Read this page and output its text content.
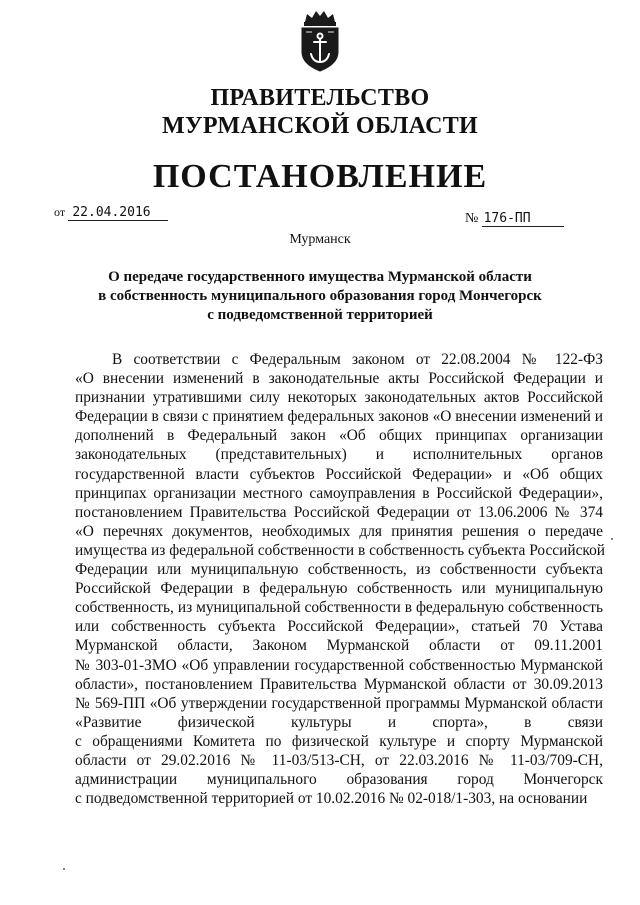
ПРАВИТЕЛЬСТВО
МУРМАНСКОЙ ОБЛАСТИ
ПОСТАНОВЛЕНИЕ
от 22.04.2016	№ 176-ПП
Мурманск
О передаче государственного имущества Мурманской области
в собственность муниципального образования город Мончегорск
с подведомственной территорией
В соответствии с Федеральным законом от 22.08.2004 № 122-ФЗ
«О внесении изменений в законодательные акты Российской Федерации и
признании утратившими силу некоторых законодательных актов Российской
Федерации в связи с принятием федеральных законов «О внесении изменений и
дополнений в Федеральный закон «Об общих принципах организации
законодательных (представительных) и исполнительных органов
государственной власти субъектов Российской Федерации» и «Об общих
принципах организации местного самоуправления в Российской Федерации»,
постановлением Правительства Российской Федерации от 13.06.2006 № 374
«О перечнях документов, необходимых для принятия решения о передаче
имущества из федеральной собственности в собственность субъекта Российской
Федерации или муниципальную собственность, из собственности субъекта
Российской Федерации в федеральную собственность или муниципальную
собственность, из муниципальной собственности в федеральную собственность
или собственность субъекта Российской Федерации», статьей 70 Устава
Мурманской области, Законом Мурманской области от 09.11.2001
№ 303-01-ЗМО «Об управлении государственной собственностью Мурманской
области», постановлением Правительства Мурманской области от 30.09.2013
№ 569-ПП «Об утверждении государственной программы Мурманской области
«Развитие физической культуры и спорта», в связи
с обращениями Комитета по физической культуре и спорту Мурманской
области от 29.02.2016 № 11-03/513-СН, от 22.03.2016 № 11-03/709-СН,
администрации муниципального образования город Мончегорск
с подведомственной территорией от 10.02.2016 № 02-018/1-303, на основании
